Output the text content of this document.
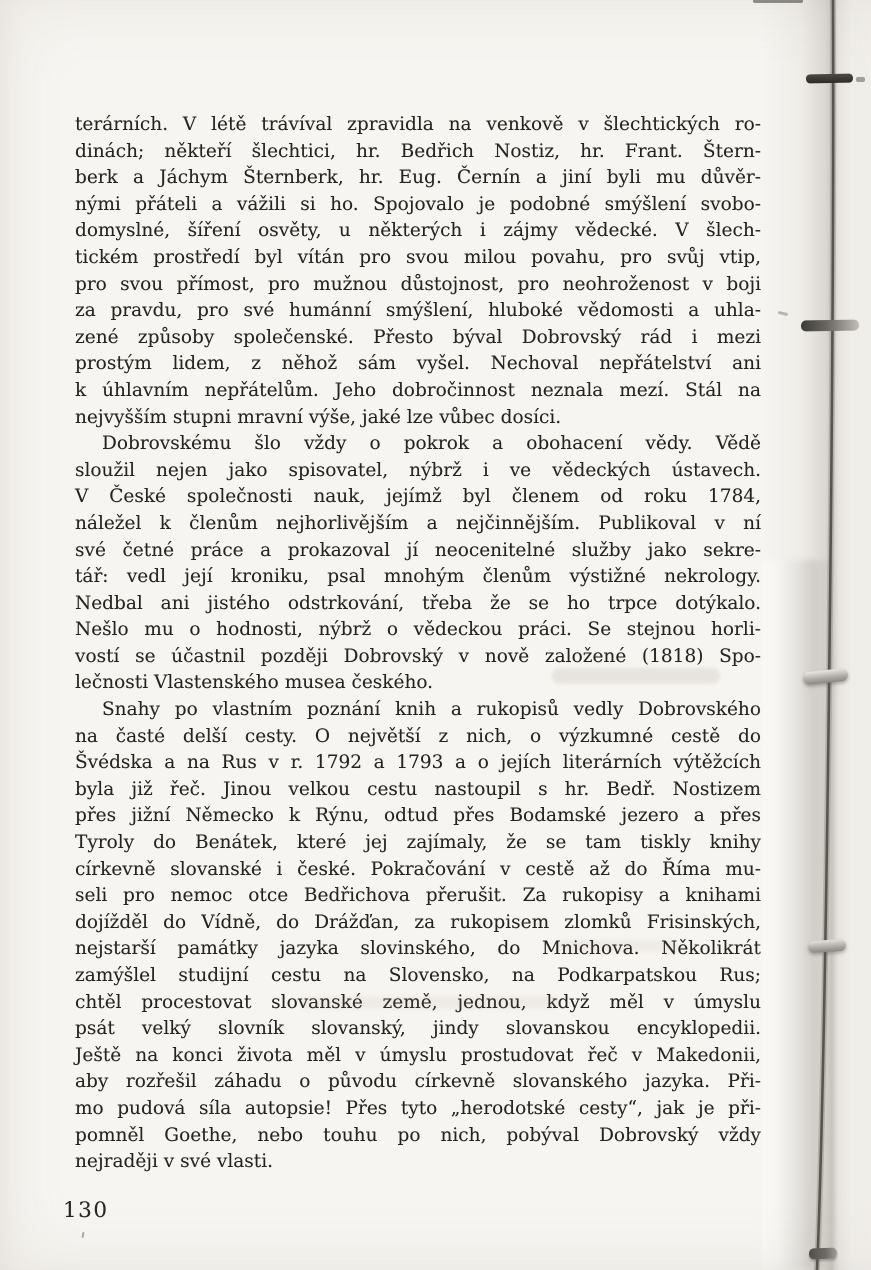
terárních. V létě trávíval zpravidla na venkově v šlechtických ro-
dinách; někteří šlechtici, hr. Bedřich Nostiz, hr. Frant. Štern-
berk a Jáchym Šternberk, hr. Eug. Černín a jiní byli mu důvěr-
nými přáteli a vážili si ho. Spojovalo je podobné smýšlení svobo-
domyslné, šíření osvěty, u některých i zájmy vědecké. V šlech-
tickém prostředí byl vítán pro svou milou povahu, pro svůj vtip,
pro svou přímost, pro mužnou důstojnost, pro neohroženost v boji
za pravdu, pro své humánní smýšlení, hluboké vědomosti a uhla-
zené způsoby společenské. Přesto býval Dobrovský rád i mezi
prostým lidem, z něhož sám vyšel. Nechoval nepřátelství ani
k úhlavním nepřátelům. Jeho dobročinnost neznala mezí. Stál na
nejvyšším stupni mravní výše, jaké lze vůbec dosíci.
Dobrovskému šlo vždy o pokrok a obohacení vědy. Vědě
sloužil nejen jako spisovatel, nýbrž i ve vědeckých ústavech.
V České společnosti nauk, jejímž byl členem od roku 1784,
náležel k členům nejhorlivějším a nejčinnějším. Publikoval v ní
své četné práce a prokazoval jí neocenitelné služby jako sekre-
tář: vedl její kroniku, psal mnohým členům výstižné nekrology.
Nedbal ani jistého odstrkování, třeba že se ho trpce dotýkalo.
Nešlo mu o hodnosti, nýbrž o vědeckou práci. Se stejnou horli-
vostí se účastnil později Dobrovský v nově založené (1818) Spo-
lečnosti Vlastenského musea českého.
Snahy po vlastním poznání knih a rukopisů vedly Dobrovského
na časté delší cesty. O největší z nich, o výzkumné cestě do
Švédska a na Rus v r. 1792 a 1793 a o jejích literárních výtěžcích
byla již řeč. Jinou velkou cestu nastoupil s hr. Bedř. Nostizem
přes jižní Německo k Rýnu, odtud přes Bodamské jezero a přes
Tyroly do Benátek, které jej zajímaly, že se tam tiskly knihy
církevně slovanské i české. Pokračování v cestě až do Říma mu-
seli pro nemoc otce Bedřichova přerušit. Za rukopisy a knihami
dojížděl do Vídně, do Drážďan, za rukopisem zlomků Frisinských,
nejstarší památky jazyka slovinského, do Mnichova. Několikrát
zamýšlel studijní cestu na Slovensko, na Podkarpatskou Rus;
chtěl procestovat slovanské země, jednou, když měl v úmyslu
psát velký slovník slovanský, jindy slovanskou encyklopedii.
Ještě na konci života měl v úmyslu prostudovat řeč v Makedonii,
aby rozřešil záhadu o původu církevně slovanského jazyka. Při-
mo pudová síla autopsie! Přes tyto „herodotské cesty“, jak je při-
pomněl Goethe, nebo touhu po nich, pobýval Dobrovský vždy
nejraději v své vlasti.
130
